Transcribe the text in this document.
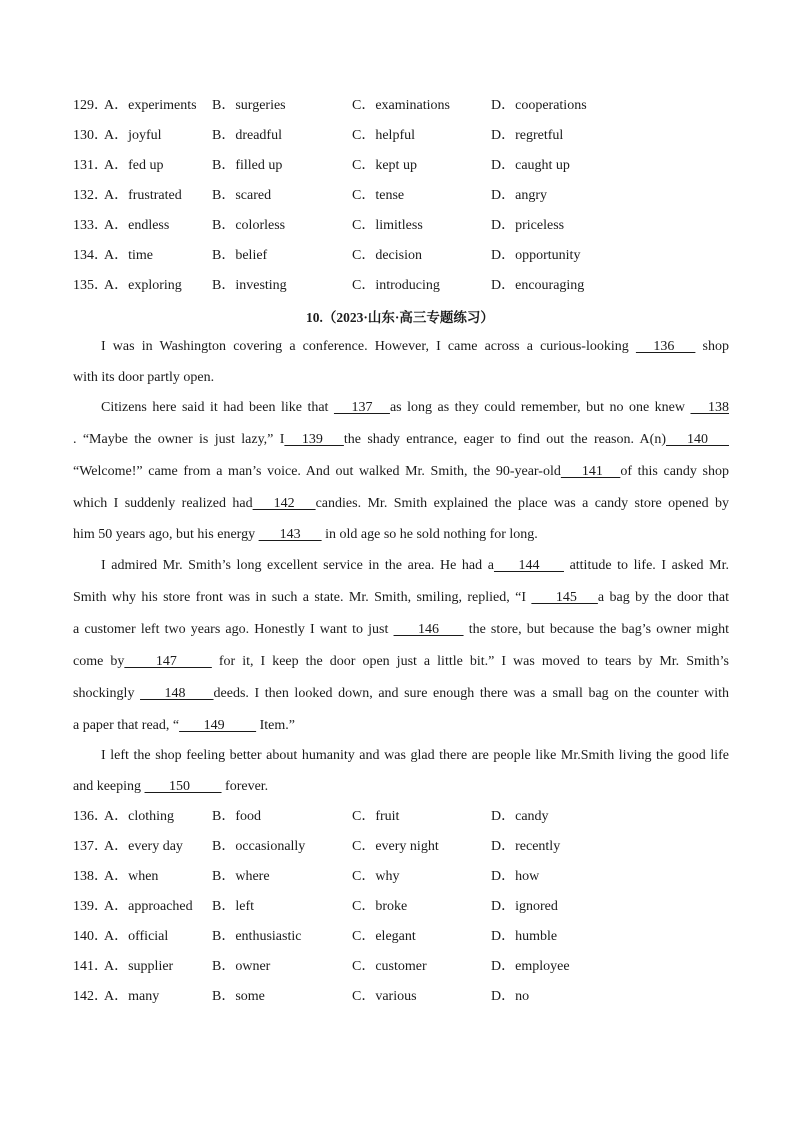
129．
A．experiments B．surgeries	C．examinations	D．cooperations
130．
A．joyful	B．dreadful	C．helpful	D．regretful
131．
A．fed up	B．filled up	C．kept up	D．caught up
132．
A．frustrated B．scared	C．tense	D．angry
133．
A．endless	B．colorless	C．limitless	D．priceless
134．
A．time	B．belief	C．decision	D．opportunity
135．
A．exploring B．investing	C．introducing	D．encouraging
10.（2023·山东·高三专题练习）
I was in Washington covering a conference. However, I came across a curious-looking      136       shop
with its door partly open.
Citizens here said it had been like that      137     as long as they could remember, but no one knew      138
. “Maybe the owner is just lazy,” I     139      the shady entrance, eager to find out the reason. A(n)      140
“Welcome!” came from a man’s voice. And out walked Mr. Smith, the 90-year-old      141     of this candy shop
which I suddenly realized had      142      candies. Mr. Smith explained the place was a candy store opened by
him 50 years ago, but his energy       143       in old age so he sold nothing for long.
I admired Mr. Smith’s long excellent service in the area. He had a       144        attitude to life. I asked Mr.
Smith why his store front was in such a state. Mr. Smith, smiling, replied, “I        145      a bag by the door that
a customer left two years ago. Honestly I want to just        146        the store, but because the bag’s owner might
come by         147           for it, I keep the door open just a little bit.” I was moved to tears by Mr. Smith’s
shockingly        148        deeds. I then looked down, and sure enough there was a small bag on the counter with
a paper that read, “       149          Item.”
I left the shop feeling better about humanity and was glad there are people like Mr.Smith living the good life
and keeping        150          forever.
136．
A．clothing	B．food	C．fruit	D．candy
137．
A．every day B．occasionally	C．every night	D．recently
138．
A．when	B．where	C．why	D．how
139．
A．approached B．left	C．broke	D．ignored
140．
A．official	B．enthusiastic	C．elegant	D．humble
141．
A．supplier	B．owner	C．customer	D．employee
142．
A．many	B．some	C．various	D．no
